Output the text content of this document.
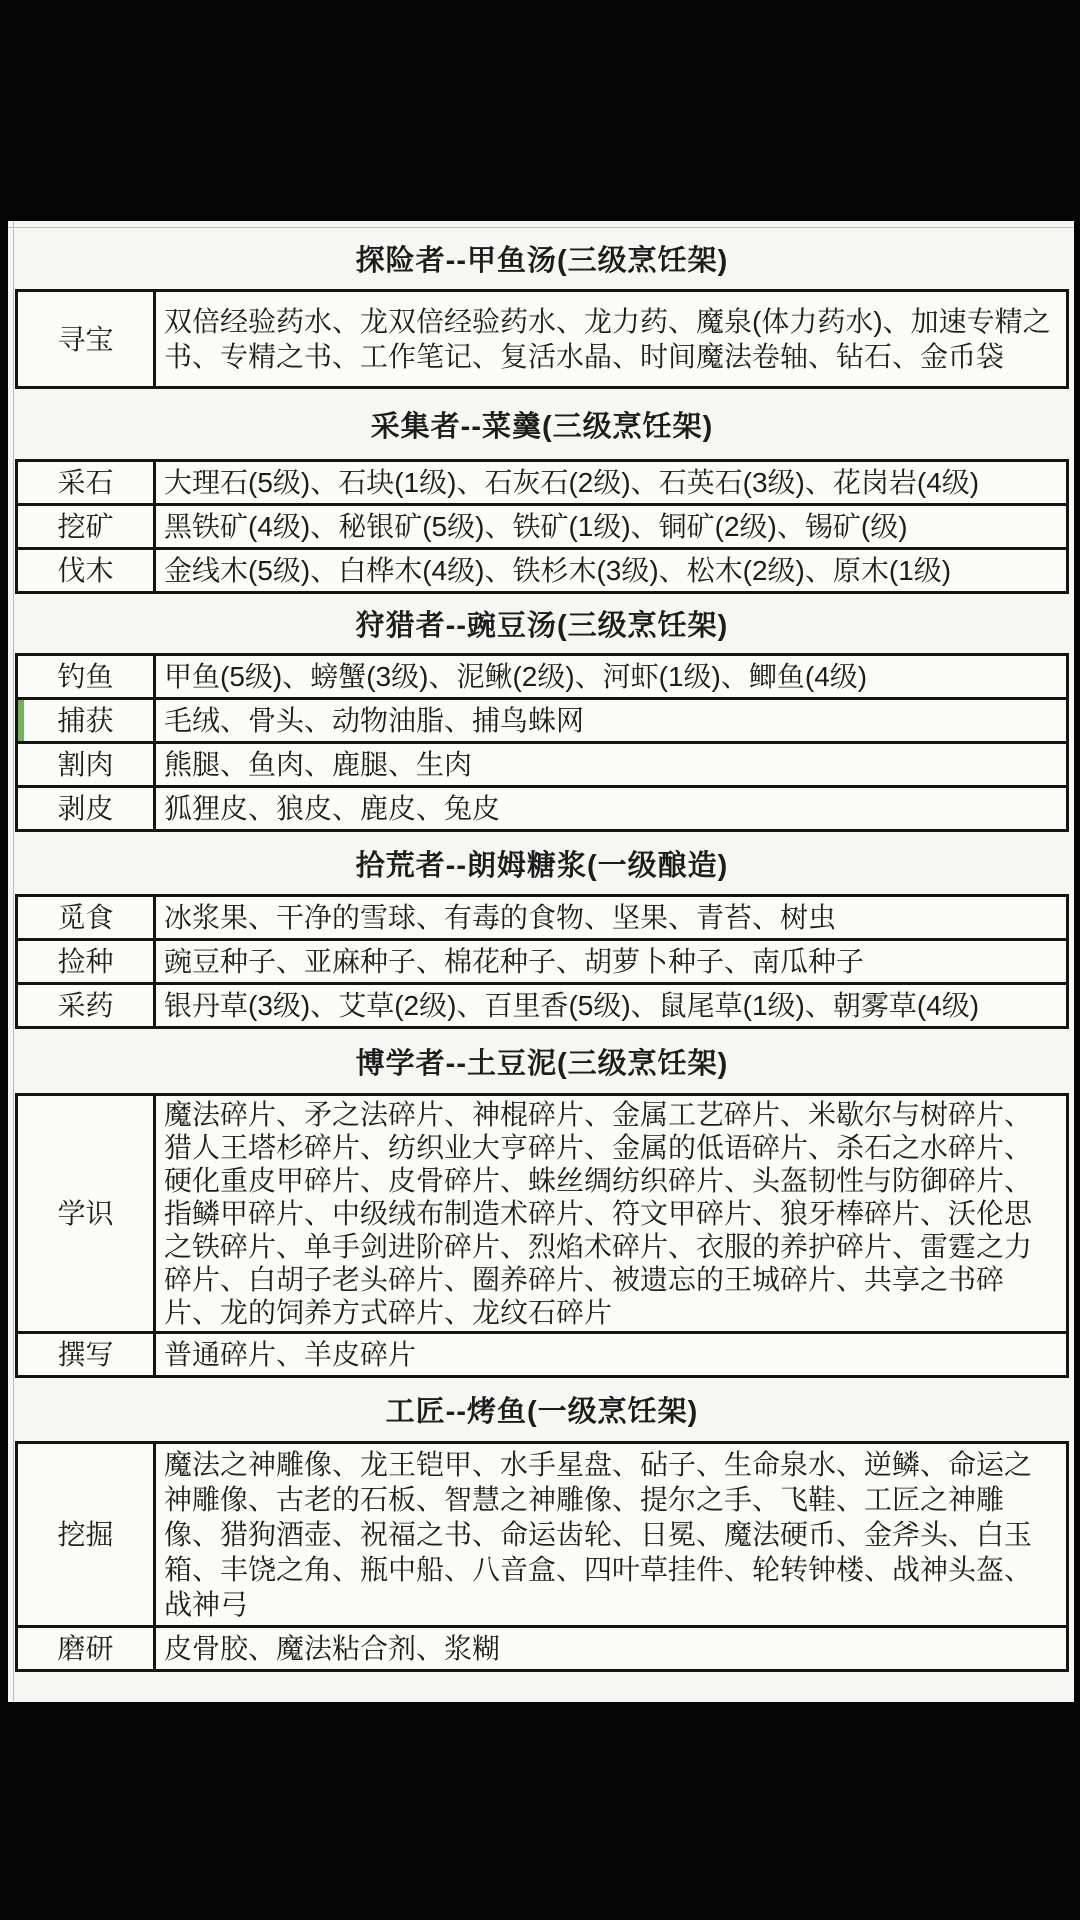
探险者--甲鱼汤(三级烹饪架)
寻宝	双倍经验药水、龙双倍经验药水、龙力药、魔泉(体力药水)、加速专精之书、专精之书、工作笔记、复活水晶、时间魔法卷轴、钻石、金币袋
采集者--菜羹(三级烹饪架)
采石	大理石(5级)、石块(1级)、石灰石(2级)、石英石(3级)、花岗岩(4级)
挖矿	黑铁矿(4级)、秘银矿(5级)、铁矿(1级)、铜矿(2级)、锡矿(级)
伐木	金线木(5级)、白桦木(4级)、铁杉木(3级)、松木(2级)、原木(1级)
狩猎者--豌豆汤(三级烹饪架)
钓鱼	甲鱼(5级)、螃蟹(3级)、泥鳅(2级)、河虾(1级)、鲫鱼(4级)
捕获	毛绒、骨头、动物油脂、捕鸟蛛网
割肉	熊腿、鱼肉、鹿腿、生肉
剥皮	狐狸皮、狼皮、鹿皮、兔皮
拾荒者--朗姆糖浆(一级酿造)
觅食	冰浆果、干净的雪球、有毒的食物、坚果、青苔、树虫
捡种	豌豆种子、亚麻种子、棉花种子、胡萝卜种子、南瓜种子
采药	银丹草(3级)、艾草(2级)、百里香(5级)、鼠尾草(1级)、朝雾草(4级)
博学者--土豆泥(三级烹饪架)
学识	魔法碎片、矛之法碎片、神棍碎片、金属工艺碎片、米歇尔与树碎片、猎人王塔杉碎片、纺织业大亨碎片、金属的低语碎片、杀石之水碎片、硬化重皮甲碎片、皮骨碎片、蛛丝绸纺织碎片、头盔韧性与防御碎片、指鳞甲碎片、中级绒布制造术碎片、符文甲碎片、狼牙棒碎片、沃伦思之铁碎片、单手剑进阶碎片、烈焰术碎片、衣服的养护碎片、雷霆之力碎片、白胡子老头碎片、圈养碎片、被遗忘的王城碎片、共享之书碎片、龙的饲养方式碎片、龙纹石碎片
撰写	普通碎片、羊皮碎片
工匠--烤鱼(一级烹饪架)
挖掘	魔法之神雕像、龙王铠甲、水手星盘、砧子、生命泉水、逆鳞、命运之神雕像、古老的石板、智慧之神雕像、提尔之手、飞鞋、工匠之神雕像、猎狗酒壶、祝福之书、命运齿轮、日冕、魔法硬币、金斧头、白玉箱、丰饶之角、瓶中船、八音盒、四叶草挂件、轮转钟楼、战神头盔、战神弓
磨研	皮骨胶、魔法粘合剂、浆糊
